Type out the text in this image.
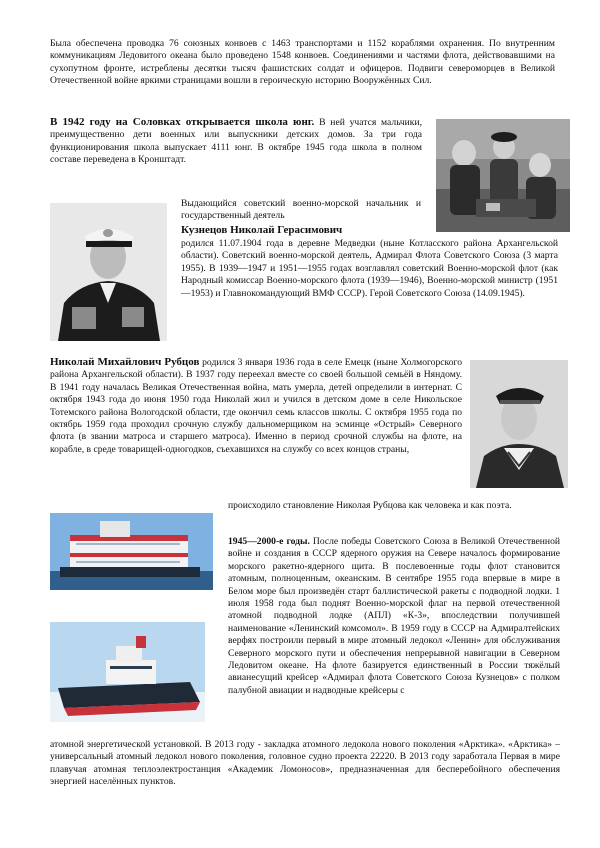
Была обеспечена проводка 76 союзных конвоев с 1463 транспортами и 1152 кораблями охранения. По внутренним коммуникациям Ледовитого океана было проведено 1548 конвоев. Соединениями и частями флота, действовавшими на сухопутном фронте, истреблены десятки тысяч фашистских солдат и офицеров. Подвиги североморцев в Великой Отечественной войне яркими страницами вошли в героическую историю Вооружённых Сил.

В 1942 году на Соловках открывается школа юнг. В ней учатся мальчики, преимущественно дети военных или выпускники детских домов. За три года функционирования школа выпускает 4111 юнг. В октябре 1945 года школа в полном составе переведена в Кронштадт.

Выдающийся советский военно-морской начальник и государственный деятель

Кузнецов Николай Герасимович

родился 11.07.1904 года в деревне Медведки (ныне Котласского района Архангельской области). Советский военно-морской деятель, Адмирал Флота Советского Союза (3 марта 1955). В 1939—1947 и 1951—1955 годах возглавлял советский Военно-морской флот (как Народный комиссар Военно-морского флота (1939—1946), Военно-морской министр (1951—1953) и Главнокомандующий ВМФ СССР). Герой Советского Союза (14.09.1945).

Николай Михайлович Рубцов родился 3 января 1936 года в селе Емецк (ныне Холмогорского района Архангельской области). В 1937 году переехал вместе со своей большой семьёй в Няндому. В 1941 году началась Великая Отечественная война, мать умерла, детей определили в интернат. С октября 1943 года до июня 1950 года Николай жил и учился в детском доме в селе Никольское Тотемского района Вологодской области, где окончил семь классов школы. С октября 1955 года по октябрь 1959 года проходил срочную службу дальномерщиком на эсминце «Острый» Северного флота (в звании матроса и старшего матроса). Именно в период срочной службы на флоте, на корабле, в среде товарищей-одногодков, съехавшихся на службу со всех концов страны,

происходило становление Николая Рубцова как человека и как поэта.

1945—2000-е годы. После победы Советского Союза в Великой Отечественной войне и создания в СССР ядерного оружия на Севере началось формирование морского ракетно-ядерного щита. В послевоенные годы флот становится атомным, полноценным, океанским. В сентябре 1955 года впервые в мире в Белом море был произведён старт баллистической ракеты с подводной лодки. 1 июля 1958 года был поднят Военно-морской флаг на первой отечественной атомной подводной лодке (АПЛ) «К-3», впоследствии получившей наименование «Ленинский комсомол». В 1959 году в СССР на Адмиралтейских верфях построили первый в мире атомный ледокол «Ленин» для обслуживания Северного морского пути и обеспечения непрерывной навигации в Северном Ледовитом океане. На флоте базируется единственный в России тяжёлый авианесущий крейсер «Адмирал флота Советского Союза Кузнецов» с полком палубной авиации и надводные крейсеры с

атомной энергетической установкой. В 2013 году - закладка атомного ледокола нового поколения «Арктика». «Арктика» – универсальный атомный ледокол нового поколения, головное судно проекта 22220. В 2013 году заработала Первая в мире плавучая атомная теплоэлектростанция «Академик Ломоносов», предназначенная для бесперебойного обеспечения энергией населённых пунктов.
